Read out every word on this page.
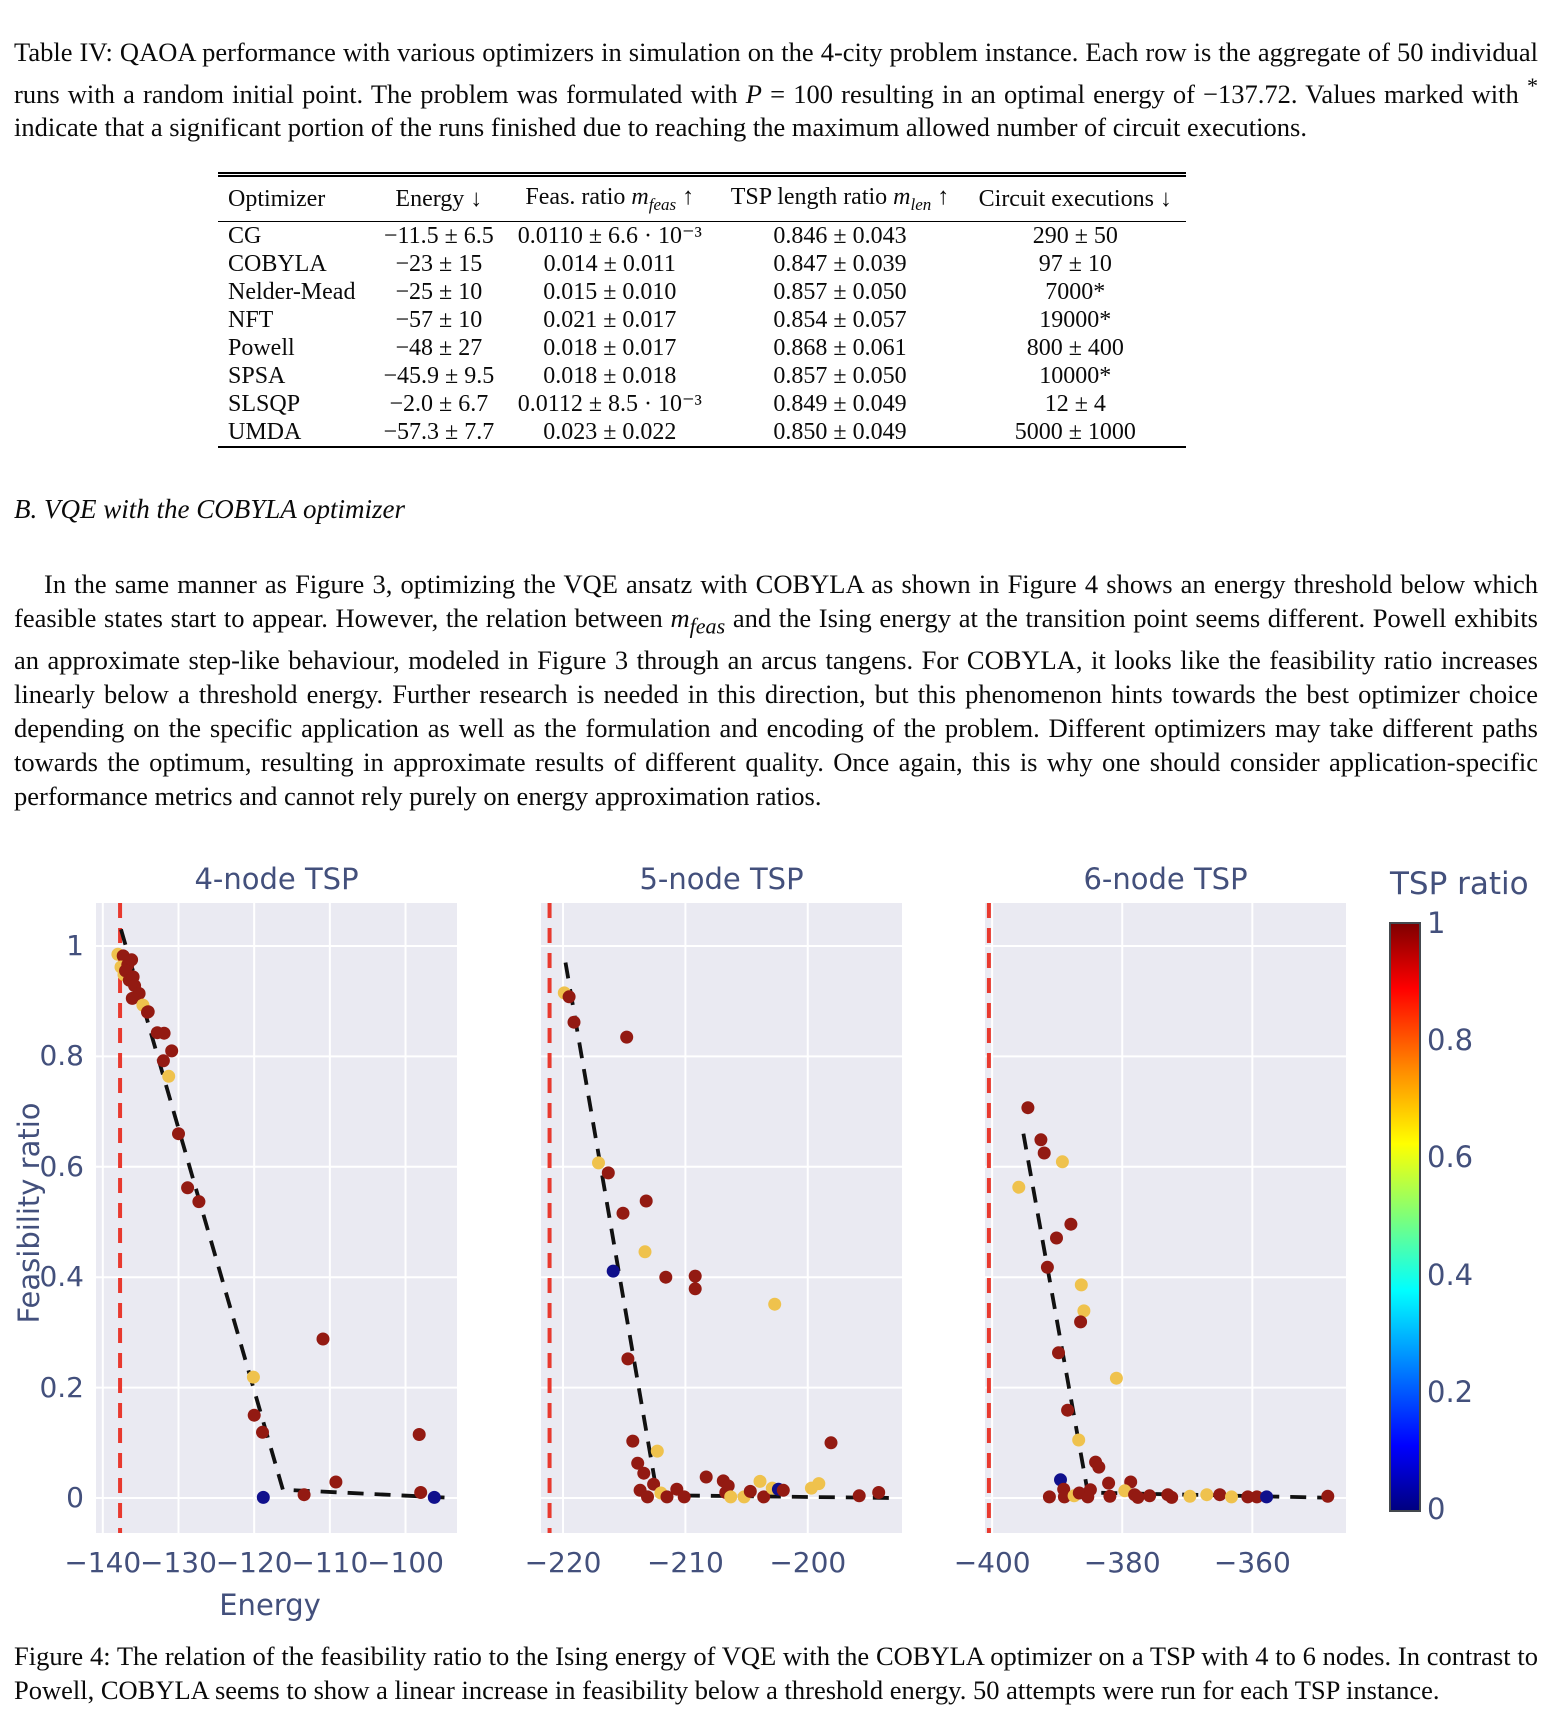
Table IV: QAOA performance with various optimizers in simulation on the 4-city problem instance. Each row is the aggregate of 50 individual runs with a random initial point. The problem was formulated with P = 100 resulting in an optimal energy of −137.72. Values marked with * indicate that a significant portion of the runs finished due to reaching the maximum allowed number of circuit executions.

Optimizer	Energy ↓	Feas. ratio $m_{feas}$ ↑	TSP length ratio $m_{len}$ ↑	Circuit executions ↓
CG	−11.5 ± 6.5	0.0110 ± 6.6 · 10⁻³	0.846 ± 0.043	290 ± 50
COBYLA	−23 ± 15	0.014 ± 0.011	0.847 ± 0.039	97 ± 10
Nelder-Mead	−25 ± 10	0.015 ± 0.010	0.857 ± 0.050	7000*
NFT	−57 ± 10	0.021 ± 0.017	0.854 ± 0.057	19000*
Powell	−48 ± 27	0.018 ± 0.017	0.868 ± 0.061	800 ± 400
SPSA	−45.9 ± 9.5	0.018 ± 0.018	0.857 ± 0.050	10000*
SLSQP	−2.0 ± 6.7	0.0112 ± 8.5 · 10⁻³	0.849 ± 0.049	12 ± 4
UMDA	−57.3 ± 7.7	0.023 ± 0.022	0.850 ± 0.049	5000 ± 1000
B. VQE with the COBYLA optimizer

In the same manner as Figure 3, optimizing the VQE ansatz with COBYLA as shown in Figure 4 shows an energy threshold below which feasible states start to appear. However, the relation between $m_{feas}$ and the Ising energy at the transition point seems different. Powell exhibits an approximate step-like behaviour, modeled in Figure 3 through an arcus tangens. For COBYLA, it looks like the feasibility ratio increases linearly below a threshold energy. Further research is needed in this direction, but this phenomenon hints towards the best optimizer choice depending on the specific application as well as the formulation and encoding of the problem. Different optimizers may take different paths towards the optimum, resulting in approximate results of different quality. Once again, this is why one should consider application-specific performance metrics and cannot rely purely on energy approximation ratios.

Feasibility ratio
Energy
TSP ratio
4-node TSP
−140
−130
−120
−110
−100
5-node TSP
−220 −210 −200
6-node TSP
−400 −380 −360
0
0.2
0.4
0.6
0.8
1
1
0.8
0.6
0.4
0.2
0

Figure 4: The relation of the feasibility ratio to the Ising energy of VQE with the COBYLA optimizer on a TSP with 4 to 6 nodes. In contrast to Powell, COBYLA seems to show a linear increase in feasibility below a threshold energy. 50 attempts were run for each TSP instance.
